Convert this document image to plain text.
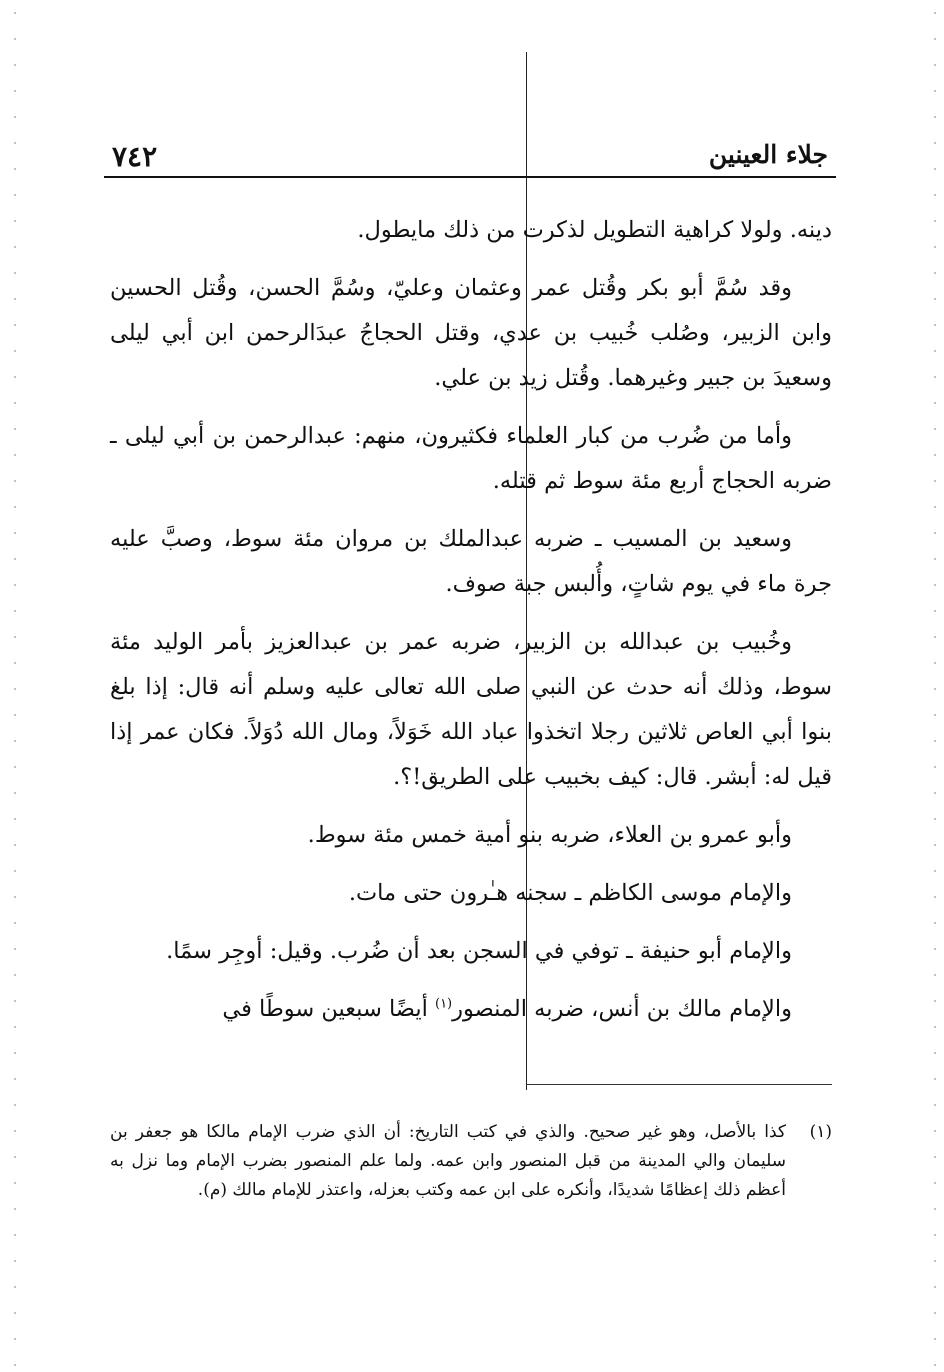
٧٤٢	جلاء العينين

دينه. ولولا كراهية التطويل لذكرت من ذلك مايطول.

وقد سُمَّ أبو بكر وقُتل عمر وعثمان وعليّ، وسُمَّ الحسن، وقُتل الحسين وابن الزبير، وصُلب خُبيب بن عدي، وقتل الحجاجُ عبدَالرحمن ابن أبي ليلى وسعيدَ بن جبير وغيرهما. وقُتل زيد بن علي.

وأما من ضُرب من كبار العلماء فكثيرون، منهم: عبدالرحمن بن أبي ليلى ـ ضربه الحجاج أربع مئة سوط ثم قتله.

وسعيد بن المسيب ـ ضربه عبدالملك بن مروان مئة سوط، وصبَّ عليه جرة ماء في يوم شاتٍ، وأُلبس جبة صوف.

وخُبيب بن عبدالله بن الزبير، ضربه عمر بن عبدالعزيز بأمر الوليد مئة سوط، وذلك أنه حدث عن النبي صلى الله تعالى عليه وسلم أنه قال: إذا بلغ بنوا أبي العاص ثلاثين رجلا اتخذوا عباد الله خَوَلاً، ومال الله دُوَلاً. فكان عمر إذا قيل له: أبشر. قال: كيف بخبيب على الطريق!؟.

وأبو عمرو بن العلاء، ضربه بنو أمية خمس مئة سوط.

والإمام موسى الكاظم ـ سجنه هـٰرون حتى مات.

والإمام أبو حنيفة ـ توفي في السجن بعد أن ضُرب. وقيل: أوجِر سمًا.

والإمام مالك بن أنس، ضربه المنصور$^{(١)}$ أيضًا سبعين سوطًا في

(١)
كذا بالأصل، وهو غير صحيح. والذي في كتب التاريخ: أن الذي ضرب الإمام مالكا هو جعفر بن سليمان والي المدينة من قبل المنصور وابن عمه. ولما علم المنصور بضرب الإمام وما نزل به أعظم ذلك إعظامًا شديدًا، وأنكره على ابن عمه وكتب بعزله، واعتذر للإمام مالك (م).
